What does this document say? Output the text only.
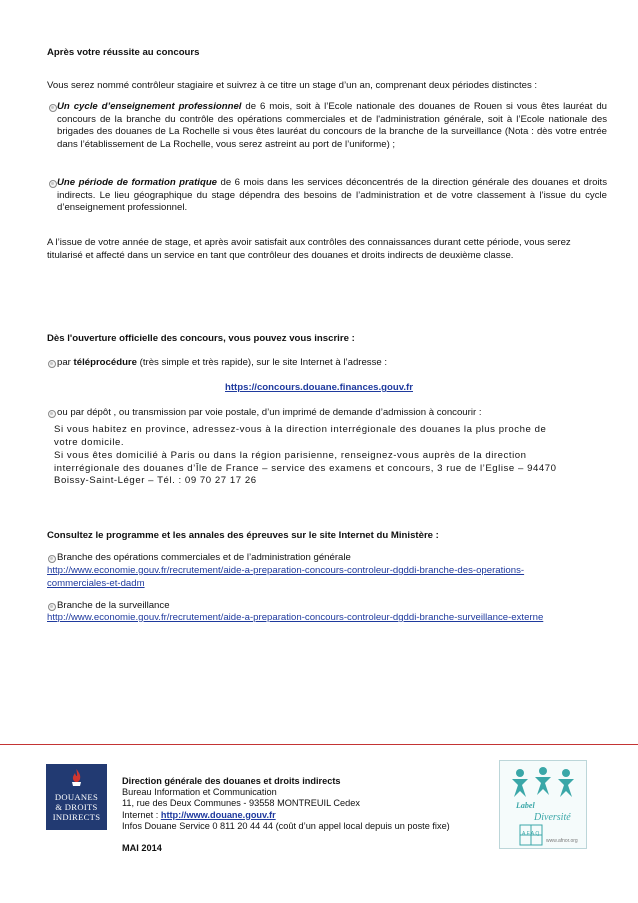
Après votre réussite au concours
Vous serez nommé contrôleur stagiaire et suivrez à ce titre un stage d’un an, comprenant deux périodes distinctes :
Un cycle d’enseignement professionnel de 6 mois, soit à l’Ecole nationale des douanes de Rouen si vous êtes lauréat du concours de la branche du contrôle des opérations commerciales et de l'administration générale, soit à l’Ecole nationale des brigades des douanes de La Rochelle si vous êtes lauréat du concours de la branche de la surveillance (Nota : dès votre entrée dans l’établissement de La Rochelle, vous serez astreint au port de l’uniforme) ;
Une période de formation pratique de 6 mois dans les services déconcentrés de la direction générale des douanes et droits indirects. Le lieu géographique du stage dépendra des besoins de l’administration et de votre classement à l’issue du cycle d’enseignement professionnel.
A l’issue de votre année de stage, et après avoir satisfait aux contrôles des connaissances durant cette période, vous serez titularisé et affecté dans un service en tant que contrôleur des douanes et droits indirects de deuxième classe.
Dès l'ouverture officielle des concours, vous pouvez vous inscrire :
par téléprocédure (très simple et très rapide), sur le site Internet à l’adresse :
https://concours.douane.finances.gouv.fr
ou par dépôt , ou transmission par voie postale, d’un imprimé de demande d’admission à concourir :
Si vous habitez en province, adressez-vous à la direction interrégionale des douanes la plus proche de votre domicile.
Si vous êtes domicilié à Paris ou dans la région parisienne, renseignez-vous auprès de la direction interrégionale des douanes d’Île de France – service des examens et concours, 3 rue de l’Eglise – 94470 Boissy-Saint-Léger – Tél. : 09 70 27 17 26
Consultez le programme et les annales des épreuves sur le site Internet du Ministère :
Branche des opérations commerciales et de l’administration générale
http://www.economie.gouv.fr/recrutement/aide-a-preparation-concours-controleur-dgddi-branche-des-operations-
commerciales-et-dadm
Branche de la surveillance
http://www.economie.gouv.fr/recrutement/aide-a-preparation-concours-controleur-dgddi-branche-surveillance-externe
DOUANES
& DROITS
INDIRECTS
Direction générale des douanes et droits indirects
Bureau Information et Communication
11, rue des Deux Communes - 93558 MONTREUIL Cedex
Internet : http://www.douane.gouv.fr
Infos Douane Service 0 811 20 44 44 (coût d’un appel local depuis un poste fixe)
MAI 2014
Label
Diversité
AFAQ
www.afnor.org
